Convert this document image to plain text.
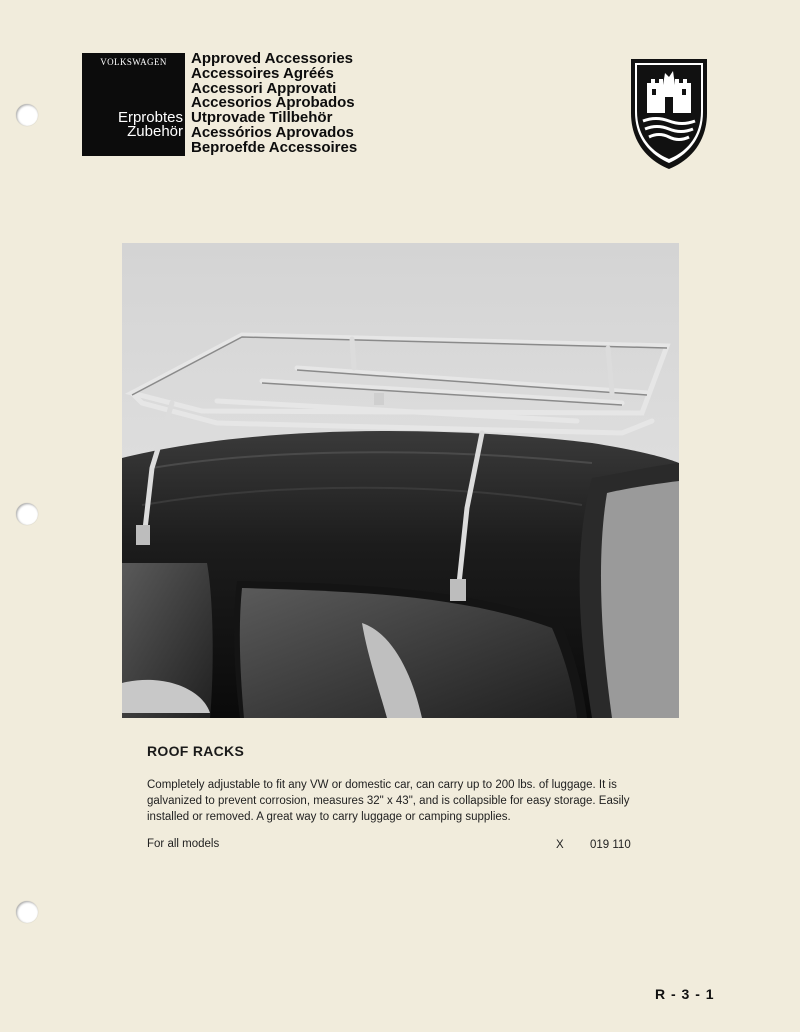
VOLKSWAGEN
Erprobtes
Zubehör
Approved Accessories
Accessoires Agréés
Accessori Approvati
Accesorios Aprobados
Utprovade Tillbehör
Acessórios Aprovados
Beproefde Accessoires
ROOF RACKS

Completely adjustable to fit any VW or domestic car, can carry up to 200 lbs. of luggage. It is galvanized to prevent corrosion, measures 32" x 43", and is collapsible for easy storage. Easily installed or removed. A great way to carry luggage or camping supplies.

For all models	X 019 110
R - 3 - 1
